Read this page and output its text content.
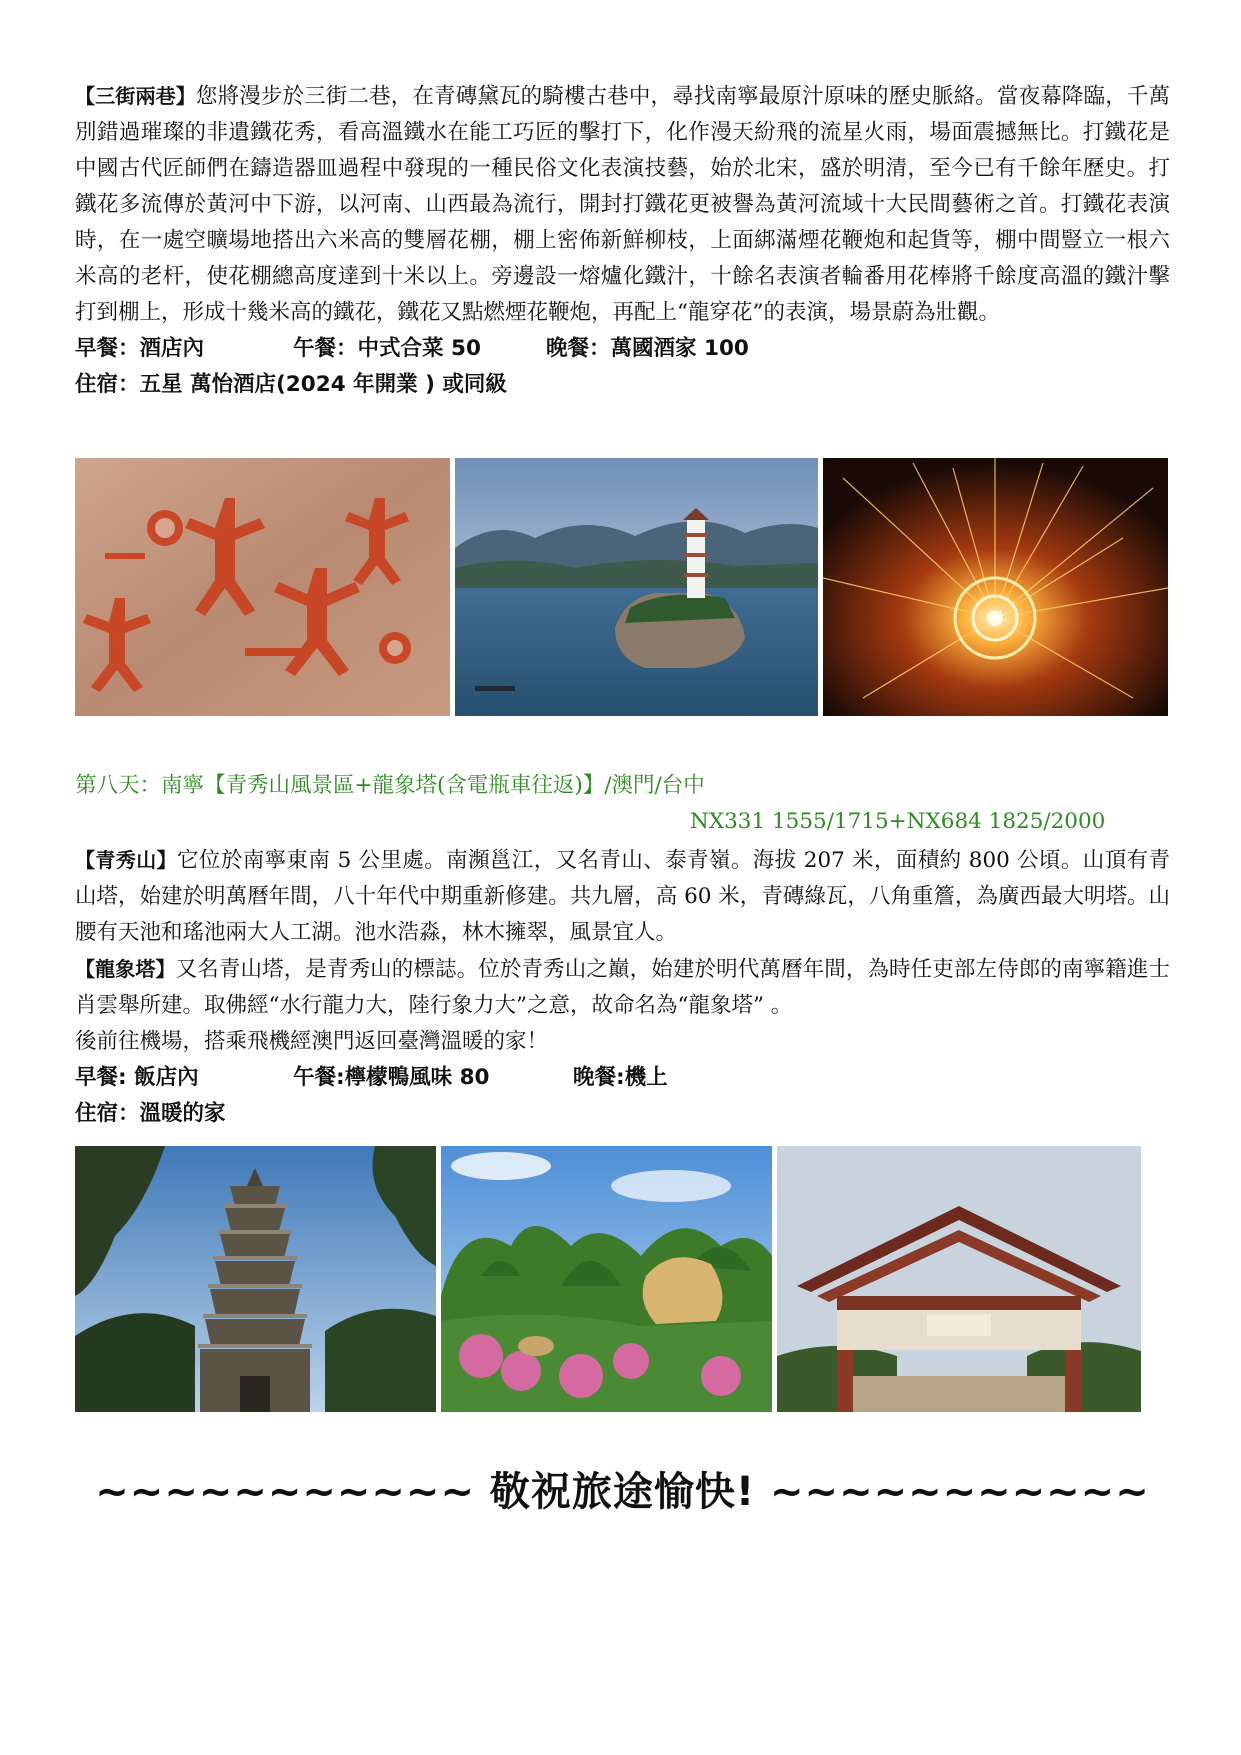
【三街兩巷】您將漫步於三街二巷，在青磚黛瓦的騎樓古巷中，尋找南寧最原汁原味的歷史脈絡。當夜幕降臨，千萬別錯過璀璨的非遺鐵花秀，看高溫鐵水在能工巧匠的擊打下，化作漫天紛飛的流星火雨，場面震撼無比。打鐵花是中國古代匠師們在鑄造器皿過程中發現的一種民俗文化表演技藝，始於北宋，盛於明清，至今已有千餘年歷史。打鐵花多流傳於黃河中下游，以河南、山西最為流行，開封打鐵花更被譽為黃河流域十大民間藝術之首。打鐵花表演時，在一處空曠場地搭出六米高的雙層花棚，棚上密佈新鮮柳枝，上面綁滿煙花鞭炮和起貨等，棚中間豎立一根六米高的老杆，使花棚總高度達到十米以上。旁邊設一熔爐化鐵汁，十餘名表演者輪番用花棒將千餘度高溫的鐵汁擊打到棚上，形成十幾米高的鐵花，鐵花又點燃煙花鞭炮，再配上“龍穿花”的表演，場景蔚為壯觀。

早餐：酒店內	午餐：中式合菜 50	晚餐：萬國酒家 100

住宿：五星 萬怡酒店(2024 年開業 ) 或同級

第八天：南寧【青秀山風景區+龍象塔(含電瓶車往返)】/澳門/台中

NX331 1555/1715+NX684 1825/2000

【青秀山】它位於南寧東南 5 公里處。南瀕邕江，又名青山、泰青嶺。海拔 207 米，面積約 800 公頃。山頂有青山塔，始建於明萬曆年間，八十年代中期重新修建。共九層，高 60 米，青磚綠瓦，八角重簷，為廣西最大明塔。山腰有天池和瑤池兩大人工湖。池水浩淼，林木擁翠，風景宜人。

【龍象塔】又名青山塔，是青秀山的標誌。位於青秀山之巔，始建於明代萬曆年間，為時任吏部左侍郎的南寧籍進士肖雲舉所建。取佛經“水行龍力大，陸行象力大”之意，故命名為“龍象塔” 。

後前往機場，搭乘飛機經澳門返回臺灣溫暖的家！

早餐: 飯店內	午餐:檸檬鴨風味 80	晚餐:機上

住宿：溫暖的家

~~~~~~~~~~~ 敬祝旅途愉快! ~~~~~~~~~~~
